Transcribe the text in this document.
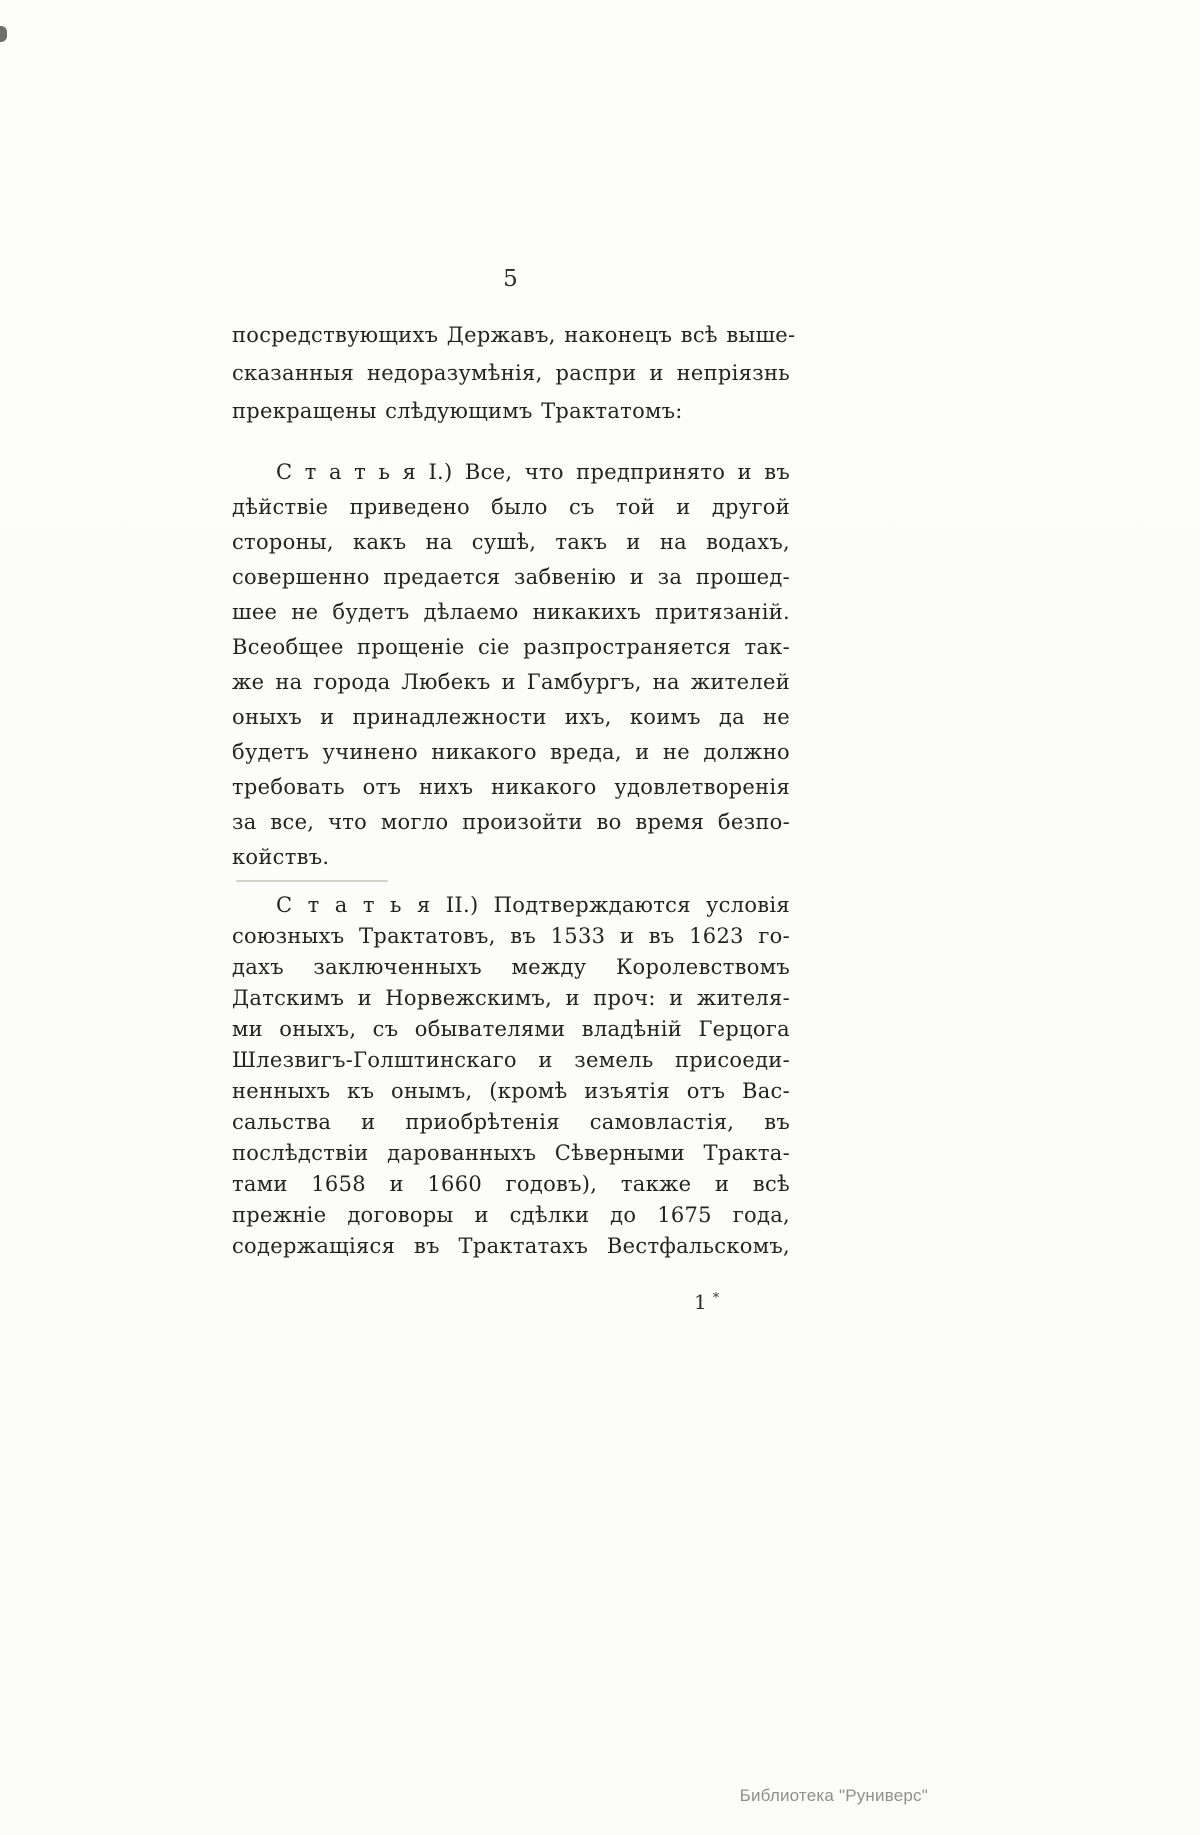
5
посредствующихъ Державъ, наконецъ всѣ выше-
сказанныя недоразумѣнія, распри и непріязнь
прекращены слѣдующимъ Трактатомъ:
С т а т ь я I.) Все, что предпринято и въ
дѣйствіе приведено было съ той и другой
стороны, какъ на сушѣ, такъ и на водахъ,
совершенно предается забвенію и за прошед-
шее не будетъ дѣлаемо никакихъ притязаній.
Всеобщее прощеніе сіе разпространяется так-
же на города Любекъ и Гамбургъ, на жителей
оныхъ и принадлежности ихъ, коимъ да не
будетъ учинено никакого вреда, и не должно
требовать отъ нихъ никакого удовлетворенія
за все, что могло произойти во время безпо-
койствъ.
С т а т ь я II.) Подтверждаются условія
союзныхъ Трактатовъ, въ 1533 и въ 1623 го-
дахъ заключенныхъ между Королевствомъ
Датскимъ и Норвежскимъ, и проч: и жителя-
ми оныхъ, съ обывателями владѣній Герцога
Шлезвигъ-Голштинскаго и земель присоеди-
ненныхъ къ онымъ, (кромѣ изъятія отъ Вас-
сальства и приобрѣтенія самовластія, въ
послѣдствіи дарованныхъ Сѣверными Тракта-
тами 1658 и 1660 годовъ), также и всѣ
прежніе договоры и сдѣлки до 1675 года,
содержащіяся въ Трактатахъ Вестфальскомъ,
1 *
Библиотека "Руниверс"
